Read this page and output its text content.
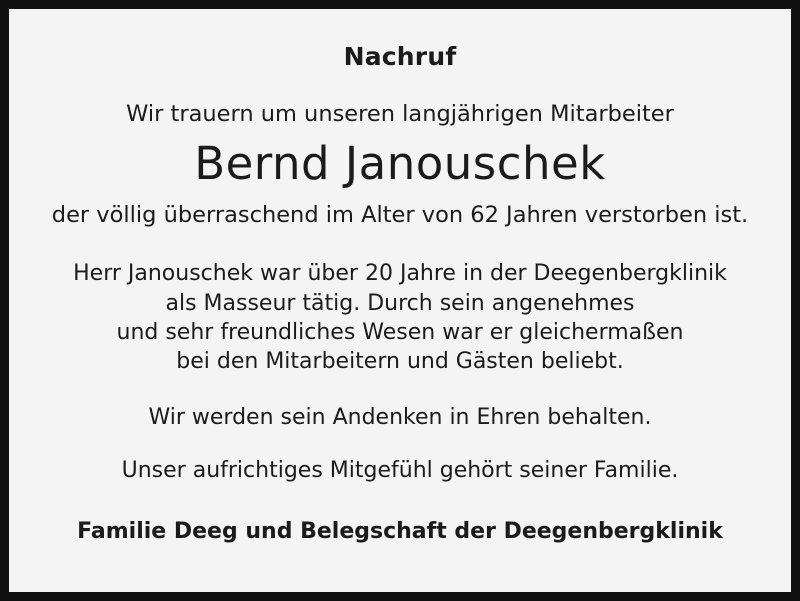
Nachruf
Wir trauern um unseren langjährigen Mitarbeiter
Bernd Janouschek
der völlig überraschend im Alter von 62 Jahren verstorben ist.
Herr Janouschek war über 20 Jahre in der Deegenbergklinik
als Masseur tätig. Durch sein angenehmes
und sehr freundliches Wesen war er gleichermaßen
bei den Mitarbeitern und Gästen beliebt.
Wir werden sein Andenken in Ehren behalten.
Unser aufrichtiges Mitgefühl gehört seiner Familie.
Familie Deeg und Belegschaft der Deegenbergklinik
